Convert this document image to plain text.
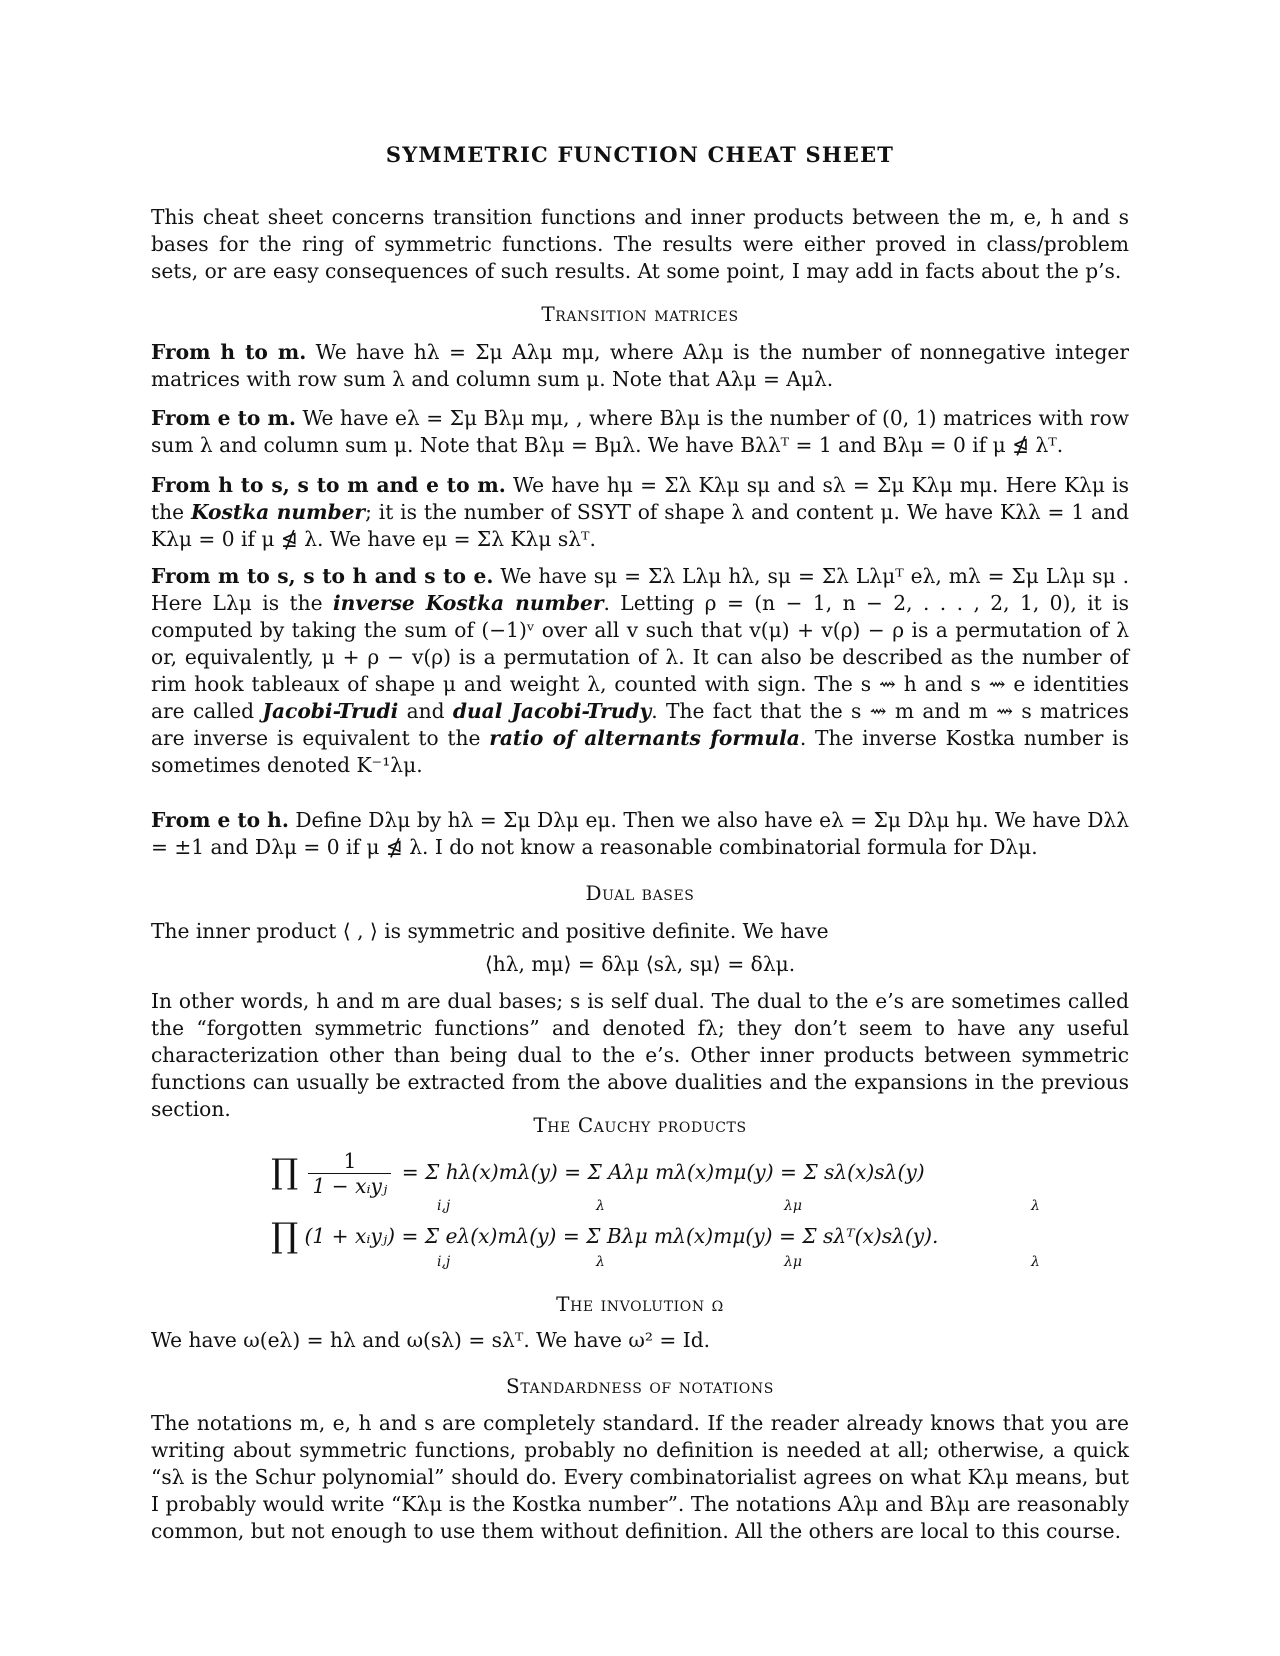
SYMMETRIC FUNCTION CHEAT SHEET
This cheat sheet concerns transition functions and inner products between the m, e, h and s bases for the ring of symmetric functions. The results were either proved in class/problem sets, or are easy consequences of such results. At some point, I may add in facts about the p’s.
Transition matrices
From h to m. We have hλ = Σμ Aλμ mμ, where Aλμ is the number of nonnegative integer matrices with row sum λ and column sum μ. Note that Aλμ = Aμλ.
From e to m. We have eλ = Σμ Bλμ mμ, , where Bλμ is the number of (0, 1) matrices with row sum λ and column sum μ. Note that Bλμ = Bμλ. We have Bλλᵀ = 1 and Bλμ = 0 if μ ⋬ λᵀ.
From h to s, s to m and e to m. We have hμ = Σλ Kλμ sμ and sλ = Σμ Kλμ mμ. Here Kλμ is the Kostka number; it is the number of SSYT of shape λ and content μ. We have Kλλ = 1 and Kλμ = 0 if μ ⋬ λ. We have eμ = Σλ Kλμ sλᵀ.
From m to s, s to h and s to e. We have sμ = Σλ Lλμ hλ, sμ = Σλ Lλμᵀ eλ, mλ = Σμ Lλμ sμ . Here Lλμ is the inverse Kostka number. Letting ρ = (n − 1, n − 2, . . . , 2, 1, 0), it is computed by taking the sum of (−1)ᵛ over all v such that v(μ) + v(ρ) − ρ is a permutation of λ or, equivalently, μ + ρ − v(ρ) is a permutation of λ. It can also be described as the number of rim hook tableaux of shape μ and weight λ, counted with sign. The s ⇝ h and s ⇝ e identities are called Jacobi-Trudi and dual Jacobi-Trudy. The fact that the s ⇝ m and m ⇝ s matrices are inverse is equivalent to the ratio of alternants formula. The inverse Kostka number is sometimes denoted K⁻¹λμ.
From e to h. Define Dλμ by hλ = Σμ Dλμ eμ. Then we also have eλ = Σμ Dλμ hμ. We have Dλλ = ±1 and Dλμ = 0 if μ ⋬ λ. I do not know a reasonable combinatorial formula for Dλμ.
Dual bases
The inner product ⟨ , ⟩ is symmetric and positive definite. We have
⟨hλ, mμ⟩ = δλμ ⟨sλ, sμ⟩ = δλμ.
In other words, h and m are dual bases; s is self dual. The dual to the e’s are sometimes called the “forgotten symmetric functions” and denoted fλ; they don’t seem to have any useful characterization other than being dual to the e’s. Other inner products between symmetric functions can usually be extracted from the above dualities and the expansions in the previous section.
The Cauchy products
∏ $\frac{1}{\text{1 − xᵢyⱼ}} = \Sigma$ hλ(x)mλ(y) = Σ Aλμ mλ(x)mμ(y) = Σ sλ(x)sλ(y)
i,j	λ	λμ	λ
∏ (1 + xᵢyⱼ) = Σ eλ(x)mλ(y) = Σ Bλμ mλ(x)mμ(y) = Σ sλᵀ(x)sλ(y).
i,j	λ	λμ	λ
The involution ω
We have ω(eλ) = hλ and ω(sλ) = sλᵀ. We have ω² = Id.
Standardness of notations
The notations m, e, h and s are completely standard. If the reader already knows that you are writing about symmetric functions, probably no definition is needed at all; otherwise, a quick “sλ is the Schur polynomial” should do. Every combinatorialist agrees on what Kλμ means, but I probably would write “Kλμ is the Kostka number”. The notations Aλμ and Bλμ are reasonably common, but not enough to use them without definition. All the others are local to this course.
